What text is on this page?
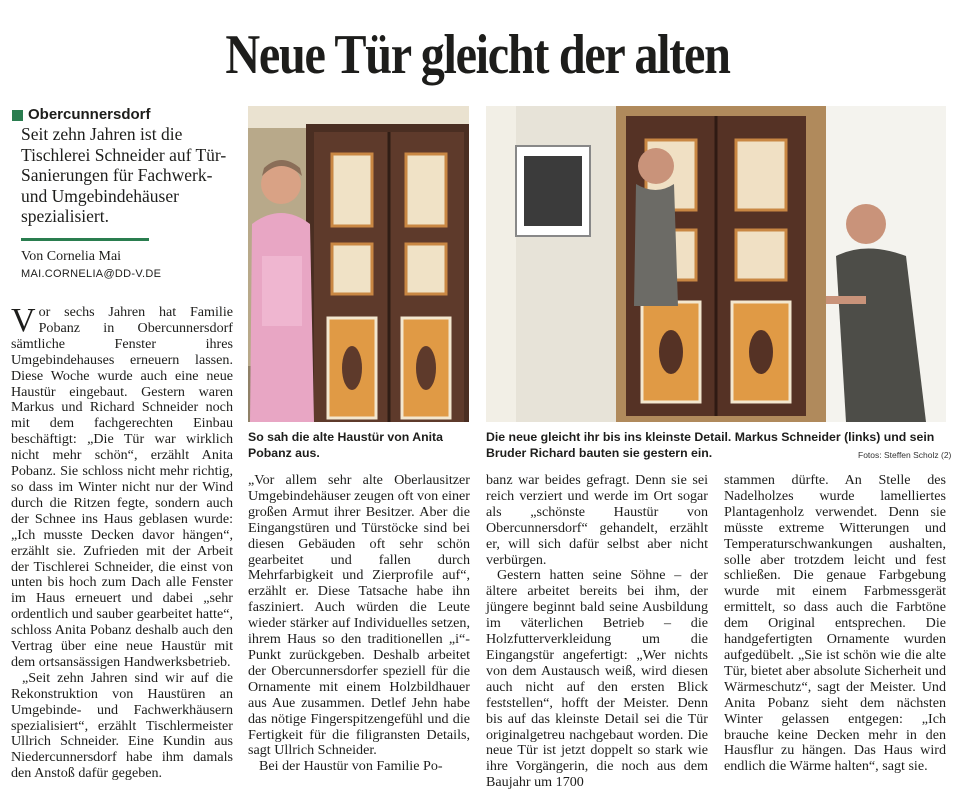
Neue Tür gleicht der alten
Obercunnersdorf
Seit zehn Jahren ist die Tischlerei Schneider auf Tür-Sanierungen für Fachwerk- und Umgebindehäuser spezialisiert.
Von Cornelia Mai
MAI.CORNELIA@DD-V.DE
So sah die alte Haustür von Anita Pobanz aus.
Die neue gleicht ihr bis ins kleinste Detail. Markus Schneider (links) und sein Bruder Richard bauten sie gestern ein.	Fotos: Steffen Scholz (2)

Vor sechs Jahren hat Familie Pobanz in Obercunnersdorf sämtliche Fenster ihres Umgebindehauses erneuern lassen. Diese Woche wurde auch eine neue Haustür eingebaut. Gestern waren Markus und Richard Schneider noch mit dem fachgerechten Einbau beschäftigt: „Die Tür war wirklich nicht mehr schön“, erzählt Anita Pobanz. Sie schloss nicht mehr richtig, so dass im Winter nicht nur der Wind durch die Ritzen fegte, sondern auch der Schnee ins Haus geblasen wurde: „Ich musste Decken davor hängen“, erzählt sie. Zufrieden mit der Arbeit der Tischlerei Schneider, die einst von unten bis hoch zum Dach alle Fenster im Haus erneuert und dabei „sehr ordentlich und sauber gearbeitet hatte“, schloss Anita Pobanz deshalb auch den Vertrag über eine neue Haustür mit dem ortsansässigen Handwerksbetrieb.

„Seit zehn Jahren sind wir auf die Rekonstruktion von Haustüren an Umgebinde- und Fachwerkhäusern spezialisiert“, erzählt Tischlermeister Ullrich Schneider. Eine Kundin aus Niedercunnersdorf habe ihm damals den Anstoß dafür gegeben.

„Vor allem sehr alte Oberlausitzer Umgebindehäuser zeugen oft von einer großen Armut ihrer Besitzer. Aber die Eingangstüren und Türstöcke sind bei diesen Gebäuden oft sehr schön gearbeitet und fallen durch Mehrfarbigkeit und Zierprofile auf“, erzählt er. Diese Tatsache habe ihn fasziniert. Auch würden die Leute wieder stärker auf Individuelles setzen, ihrem Haus so den traditionellen „i“-Punkt zurückgeben. Deshalb arbeitet der Obercunnersdorfer speziell für die Ornamente mit einem Holzbildhauer aus Aue zusammen. Detlef Jehn habe das nötige Fingerspitzengefühl und die Fertigkeit für die filigransten Details, sagt Ullrich Schneider.

Bei der Haustür von Familie Po-

banz war beides gefragt. Denn sie sei reich verziert und werde im Ort sogar als „schönste Haustür von Obercunnersdorf“ gehandelt, erzählt er, will sich dafür selbst aber nicht verbürgen.

Gestern hatten seine Söhne – der ältere arbeitet bereits bei ihm, der jüngere beginnt bald seine Ausbildung im väterlichen Betrieb – die Holzfutterverkleidung um die Eingangstür angefertigt: „Wer nichts von dem Austausch weiß, wird diesen auch nicht auf den ersten Blick feststellen“, hofft der Meister. Denn bis auf das kleinste Detail sei die Tür originalgetreu nachgebaut worden. Die neue Tür ist jetzt doppelt so stark wie ihre Vorgängerin, die noch aus dem Baujahr um 1700

stammen dürfte. An Stelle des Nadelholzes wurde lamelliertes Plantagenholz verwendet. Denn sie müsste extreme Witterungen und Temperaturschwankungen aushalten, solle aber trotzdem leicht und fest schließen. Die genaue Farbgebung wurde mit einem Farbmessgerät ermittelt, so dass auch die Farbtöne dem Original entsprechen. Die handgefertigten Ornamente wurden aufgedübelt. „Sie ist schön wie die alte Tür, bietet aber absolute Sicherheit und Wärmeschutz“, sagt der Meister. Und Anita Pobanz sieht dem nächsten Winter gelassen entgegen: „Ich brauche keine Decken mehr in den Hausflur zu hängen. Das Haus wird endlich die Wärme halten“, sagt sie.
